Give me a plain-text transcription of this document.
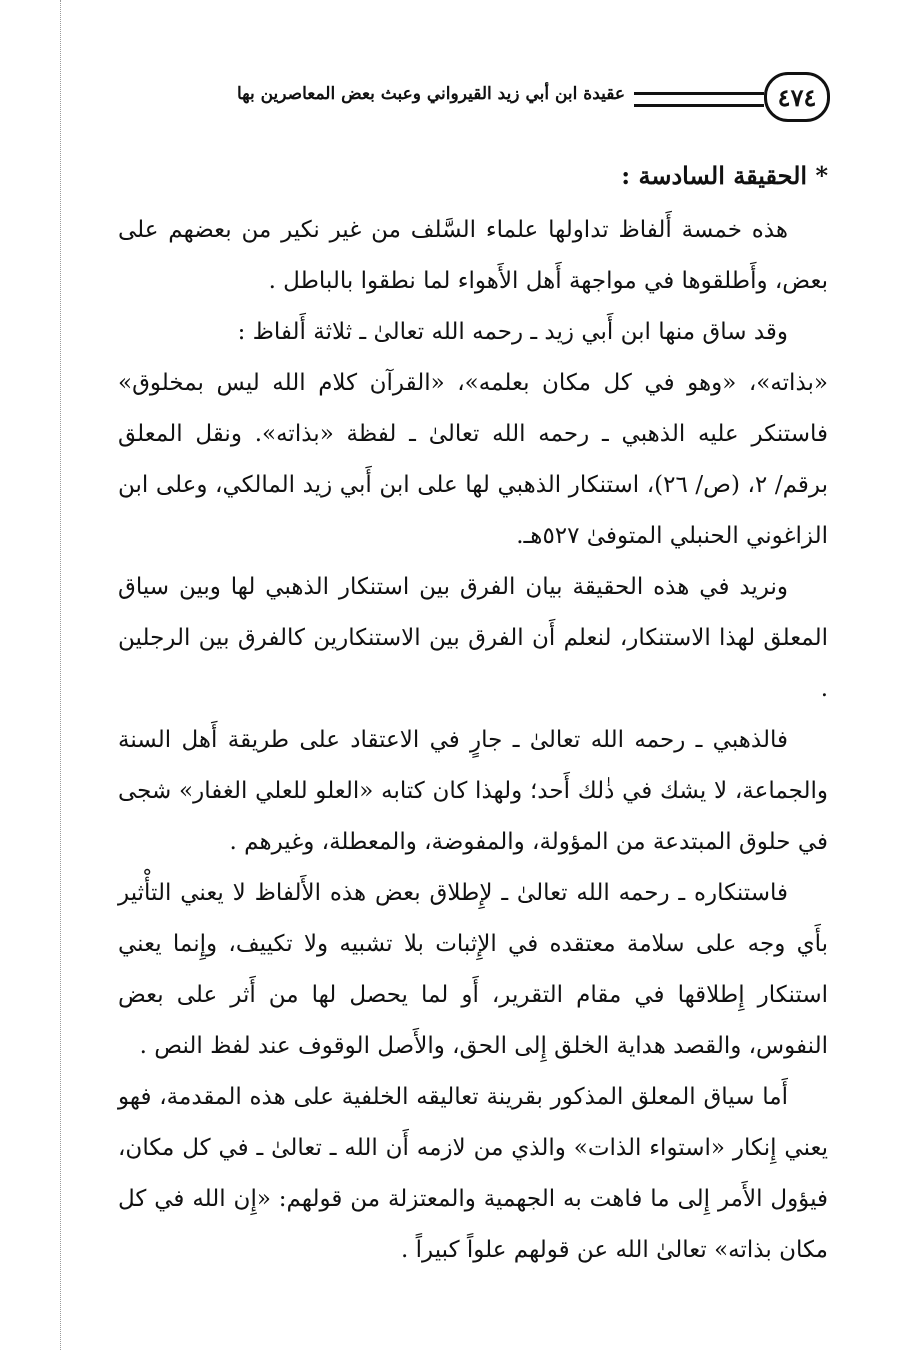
٤٧٤
عقيدة ابن أبي زيد القيرواني وعبث بعض المعاصرين بها

* الحقيقة السادسة :

هذه خمسة أَلفاظ تداولها علماء السَّلف من غير نكير من بعضهم على بعض، وأَطلقوها في مواجهة أَهل الأَهواء لما نطقوا بالباطل .

وقد ساق منها ابن أَبي زيد ـ رحمه الله تعالىٰ ـ ثلاثة أَلفاظ :

«بذاته»، «وهو في كل مكان بعلمه»، «القرآن كلام الله ليس بمخلوق» فاستنكر عليه الذهبي ـ رحمه الله تعالىٰ ـ لفظة «بذاته». ونقل المعلق برقم/ ٢، (ص/ ٢٦)، استنكار الذهبي لها على ابن أَبي زيد المالكي، وعلى ابن الزاغوني الحنبلي المتوفىٰ ٥٢٧هـ.

ونريد في هذه الحقيقة بيان الفرق بين استنكار الذهبي لها وبين سياق المعلق لهذا الاستنكار، لنعلم أَن الفرق بين الاستنكارين كالفرق بين الرجلين .

فالذهبي ـ رحمه الله تعالىٰ ـ جارٍ في الاعتقاد على طريقة أَهل السنة والجماعة، لا يشك في ذٰلك أَحد؛ ولهذا كان كتابه «العلو للعلي الغفار» شجى في حلوق المبتدعة من المؤولة، والمفوضة، والمعطلة، وغيرهم .

فاستنكاره ـ رحمه الله تعالىٰ ـ لإِطلاق بعض هذه الأَلفاظ لا يعني التأْثير بأَي وجه على سلامة معتقده في الإِثبات بلا تشبيه ولا تكييف، وإِنما يعني استنكار إِطلاقها في مقام التقرير، أَو لما يحصل لها من أَثر على بعض النفوس، والقصد هداية الخلق إِلى الحق، والأَصل الوقوف عند لفظ النص .

أَما سياق المعلق المذكور بقرينة تعاليقه الخلفية على هذه المقدمة، فهو يعني إِنكار «استواء الذات» والذي من لازمه أَن الله ـ تعالىٰ ـ في كل مكان، فيؤول الأَمر إِلى ما فاهت به الجهمية والمعتزلة من قولهم: «إِن الله في كل مكان بذاته» تعالىٰ الله عن قولهم علواً كبيراً .
